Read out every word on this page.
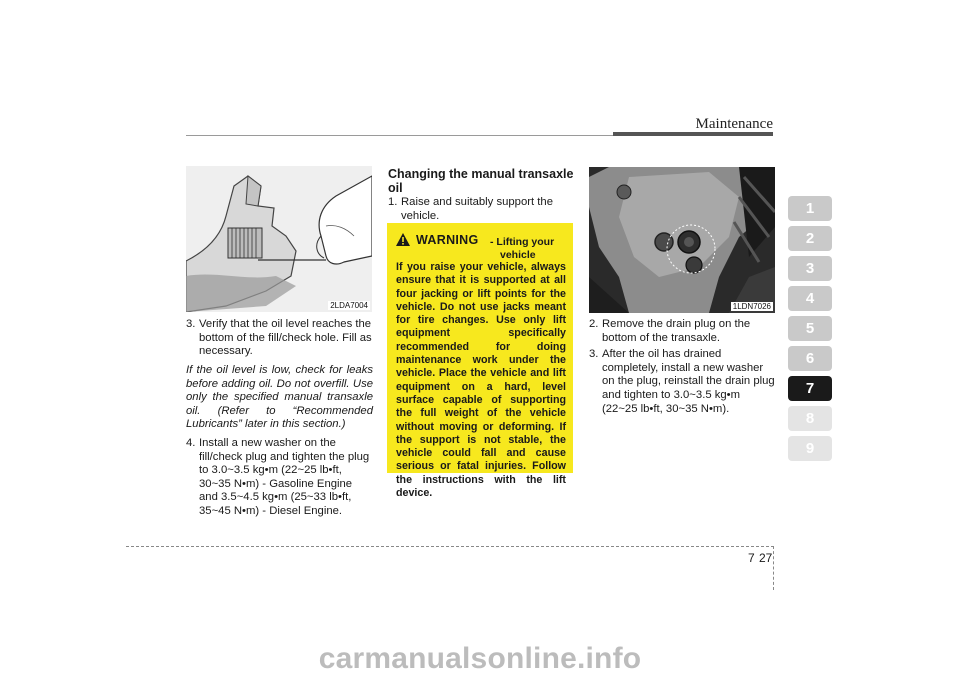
Maintenance
1
2
3
4
5
6
7
8
9
2LDA7004
3. Verify that the oil level reaches the bottom of the fill/check hole. Fill as necessary.
If the oil level is low, check for leaks before adding oil. Do not overfill. Use only the specified manual transaxle oil. (Refer to “Recommended Lubricants” later in this section.)
4. Install a new washer on the fill/check plug and tighten the plug to 3.0~3.5 kg•m (22~25 lb•ft, 30~35 N•m) - Gasoline Engine and 3.5~4.5 kg•m (25~33 lb•ft, 35~45 N•m) - Diesel Engine.
Changing the manual transaxle oil
1. Raise and suitably support the vehicle.
WARNING - Lifting your
vehicle
If you raise your vehicle, always ensure that it is supported at all four jacking or lift points for the vehicle. Do not use jacks meant for tire changes. Use only lift equipment specifically recommended for doing maintenance work under the vehicle. Place the vehicle and lift equipment on a hard, level surface capable of supporting the full weight of the vehicle without moving or deforming. If the support is not stable, the vehicle could fall and cause serious or fatal injuries. Follow the instructions with the lift device.
1LDN7026
2. Remove the drain plug on the bottom of the transaxle.
3. After the oil has drained completely, install a new washer on the plug, reinstall the drain plug and tighten to 3.0~3.5 kg•m (22~25 lb•ft, 30~35 N•m).
7 27
carmanualsonline.info
